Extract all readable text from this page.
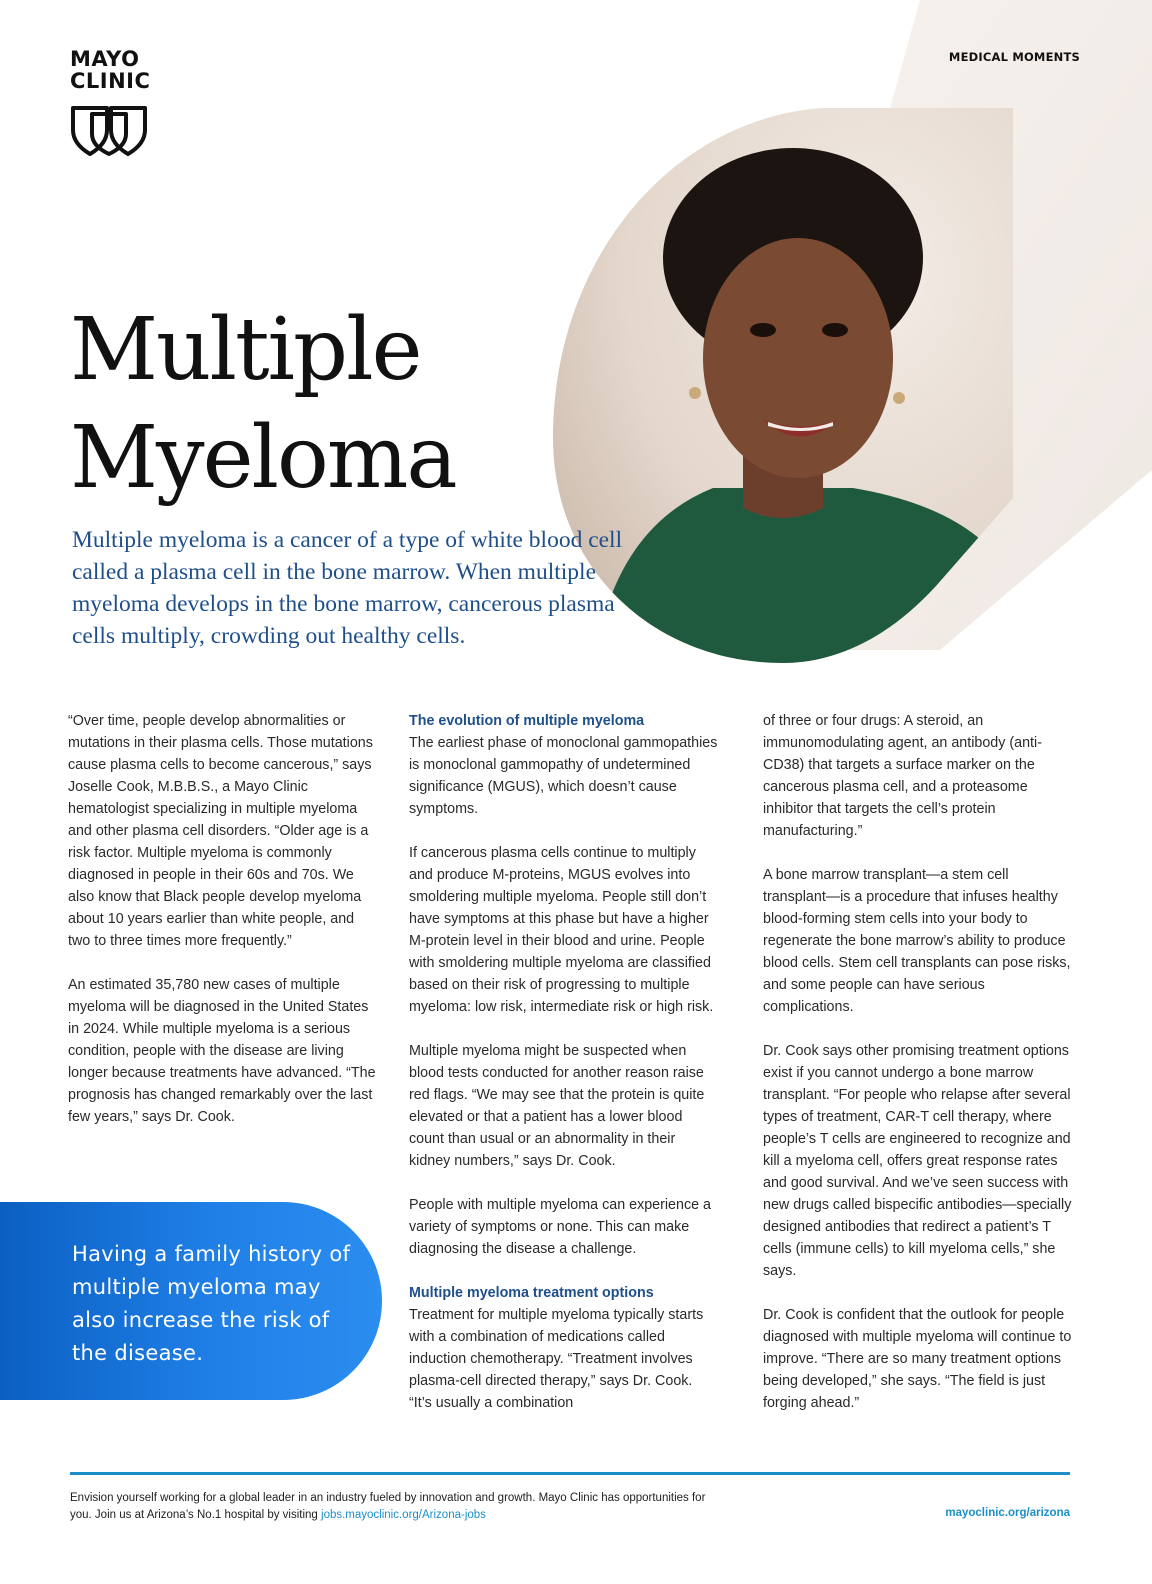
MAYO
CLINIC
MEDICAL MOMENTS
Multiple
Myeloma

Multiple myeloma is a cancer of a type of white blood cell called a plasma cell in the bone marrow. When multiple myeloma develops in the bone marrow, cancerous plasma cells multiply, crowding out healthy cells.

“Over time, people develop abnormalities or mutations in their plasma cells. Those mutations cause plasma cells to become cancerous,” says Joselle Cook, M.B.B.S., a Mayo Clinic hematologist specializing in multiple myeloma and other plasma cell disorders. “Older age is a risk factor. Multiple myeloma is commonly diagnosed in people in their 60s and 70s. We also know that Black people develop myeloma about 10 years earlier than white people, and two to three times more frequently.”

An estimated 35,780 new cases of multiple myeloma will be diagnosed in the United States in 2024. While multiple myeloma is a serious condition, people with the disease are living longer because treatments have advanced. “The prognosis has changed remarkably over the last few years,” says Dr. Cook.

Having a family history of multiple myeloma may also increase the risk of the disease.

The evolution of multiple myeloma

The earliest phase of monoclonal gammopathies is monoclonal gammopathy of undetermined significance (MGUS), which doesn’t cause symptoms.

If cancerous plasma cells continue to multiply and produce M-proteins, MGUS evolves into smoldering multiple myeloma. People still don’t have symptoms at this phase but have a higher M-protein level in their blood and urine. People with smoldering multiple myeloma are classified based on their risk of progressing to multiple myeloma: low risk, intermediate risk or high risk.

Multiple myeloma might be suspected when blood tests conducted for another reason raise red flags. “We may see that the protein is quite elevated or that a patient has a lower blood count than usual or an abnormality in their kidney numbers,” says Dr. Cook.

People with multiple myeloma can experience a variety of symptoms or none. This can make diagnosing the disease a challenge.

Multiple myeloma treatment options

Treatment for multiple myeloma typically starts with a combination of medications called induction chemotherapy. “Treatment involves plasma-cell directed therapy,” says Dr. Cook. “It’s usually a combination

of three or four drugs: A steroid, an immunomodulating agent, an antibody (anti-CD38) that targets a surface marker on the cancerous plasma cell, and a proteasome inhibitor that targets the cell’s protein manufacturing.”

A bone marrow transplant—a stem cell transplant—is a procedure that infuses healthy blood-forming stem cells into your body to regenerate the bone marrow’s ability to produce blood cells. Stem cell transplants can pose risks, and some people can have serious complications.

Dr. Cook says other promising treatment options exist if you cannot undergo a bone marrow transplant. “For people who relapse after several types of treatment, CAR-T cell therapy, where people’s T cells are engineered to recognize and kill a myeloma cell, offers great response rates and good survival. And we’ve seen success with new drugs called bispecific antibodies—specially designed antibodies that redirect a patient’s T cells (immune cells) to kill myeloma cells,” she says.

Dr. Cook is confident that the outlook for people diagnosed with multiple myeloma will continue to improve. “There are so many treatment options being developed,” she says. “The field is just forging ahead.”

Envision yourself working for a global leader in an industry fueled by innovation and growth. Mayo Clinic has opportunities for you. Join us at Arizona’s No.1 hospital by visiting jobs.mayoclinic.org/Arizona-jobs	mayoclinic.org/arizona
